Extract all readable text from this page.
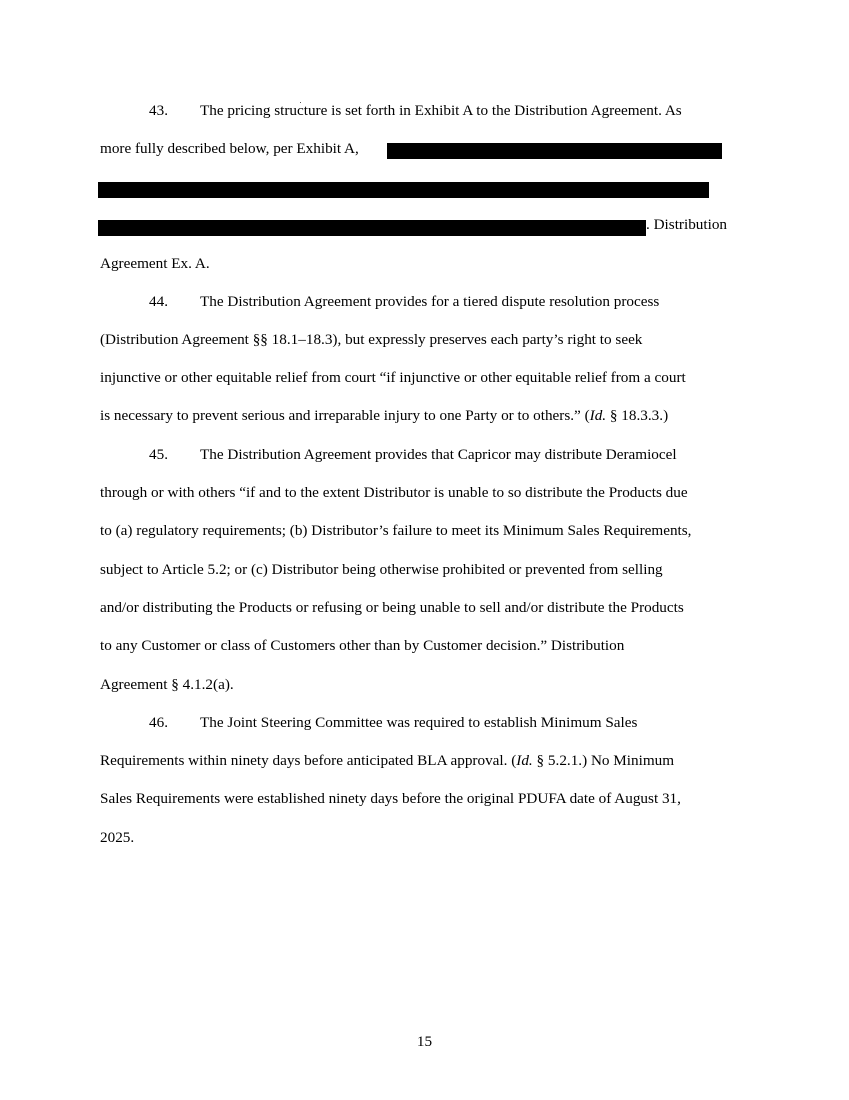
43. The pricing structure is set forth in Exhibit A to the Distribution Agreement. As
more fully described below, per Exhibit A,
. Distribution
Agreement Ex. A.
44. The Distribution Agreement provides for a tiered dispute resolution process
(Distribution Agreement §§ 18.1–18.3), but expressly preserves each party’s right to seek
injunctive or other equitable relief from court “if injunctive or other equitable relief from a court
is necessary to prevent serious and irreparable injury to one Party or to others.” (Id. § 18.3.3.)
45. The Distribution Agreement provides that Capricor may distribute Deramiocel
through or with others “if and to the extent Distributor is unable to so distribute the Products due
to (a) regulatory requirements; (b) Distributor’s failure to meet its Minimum Sales Requirements,
subject to Article 5.2; or (c) Distributor being otherwise prohibited or prevented from selling
and/or distributing the Products or refusing or being unable to sell and/or distribute the Products
to any Customer or class of Customers other than by Customer decision.” Distribution
Agreement § 4.1.2(a).
46. The Joint Steering Committee was required to establish Minimum Sales
Requirements within ninety days before anticipated BLA approval. (Id. § 5.2.1.) No Minimum
Sales Requirements were established ninety days before the original PDUFA date of August 31,
2025.
15
